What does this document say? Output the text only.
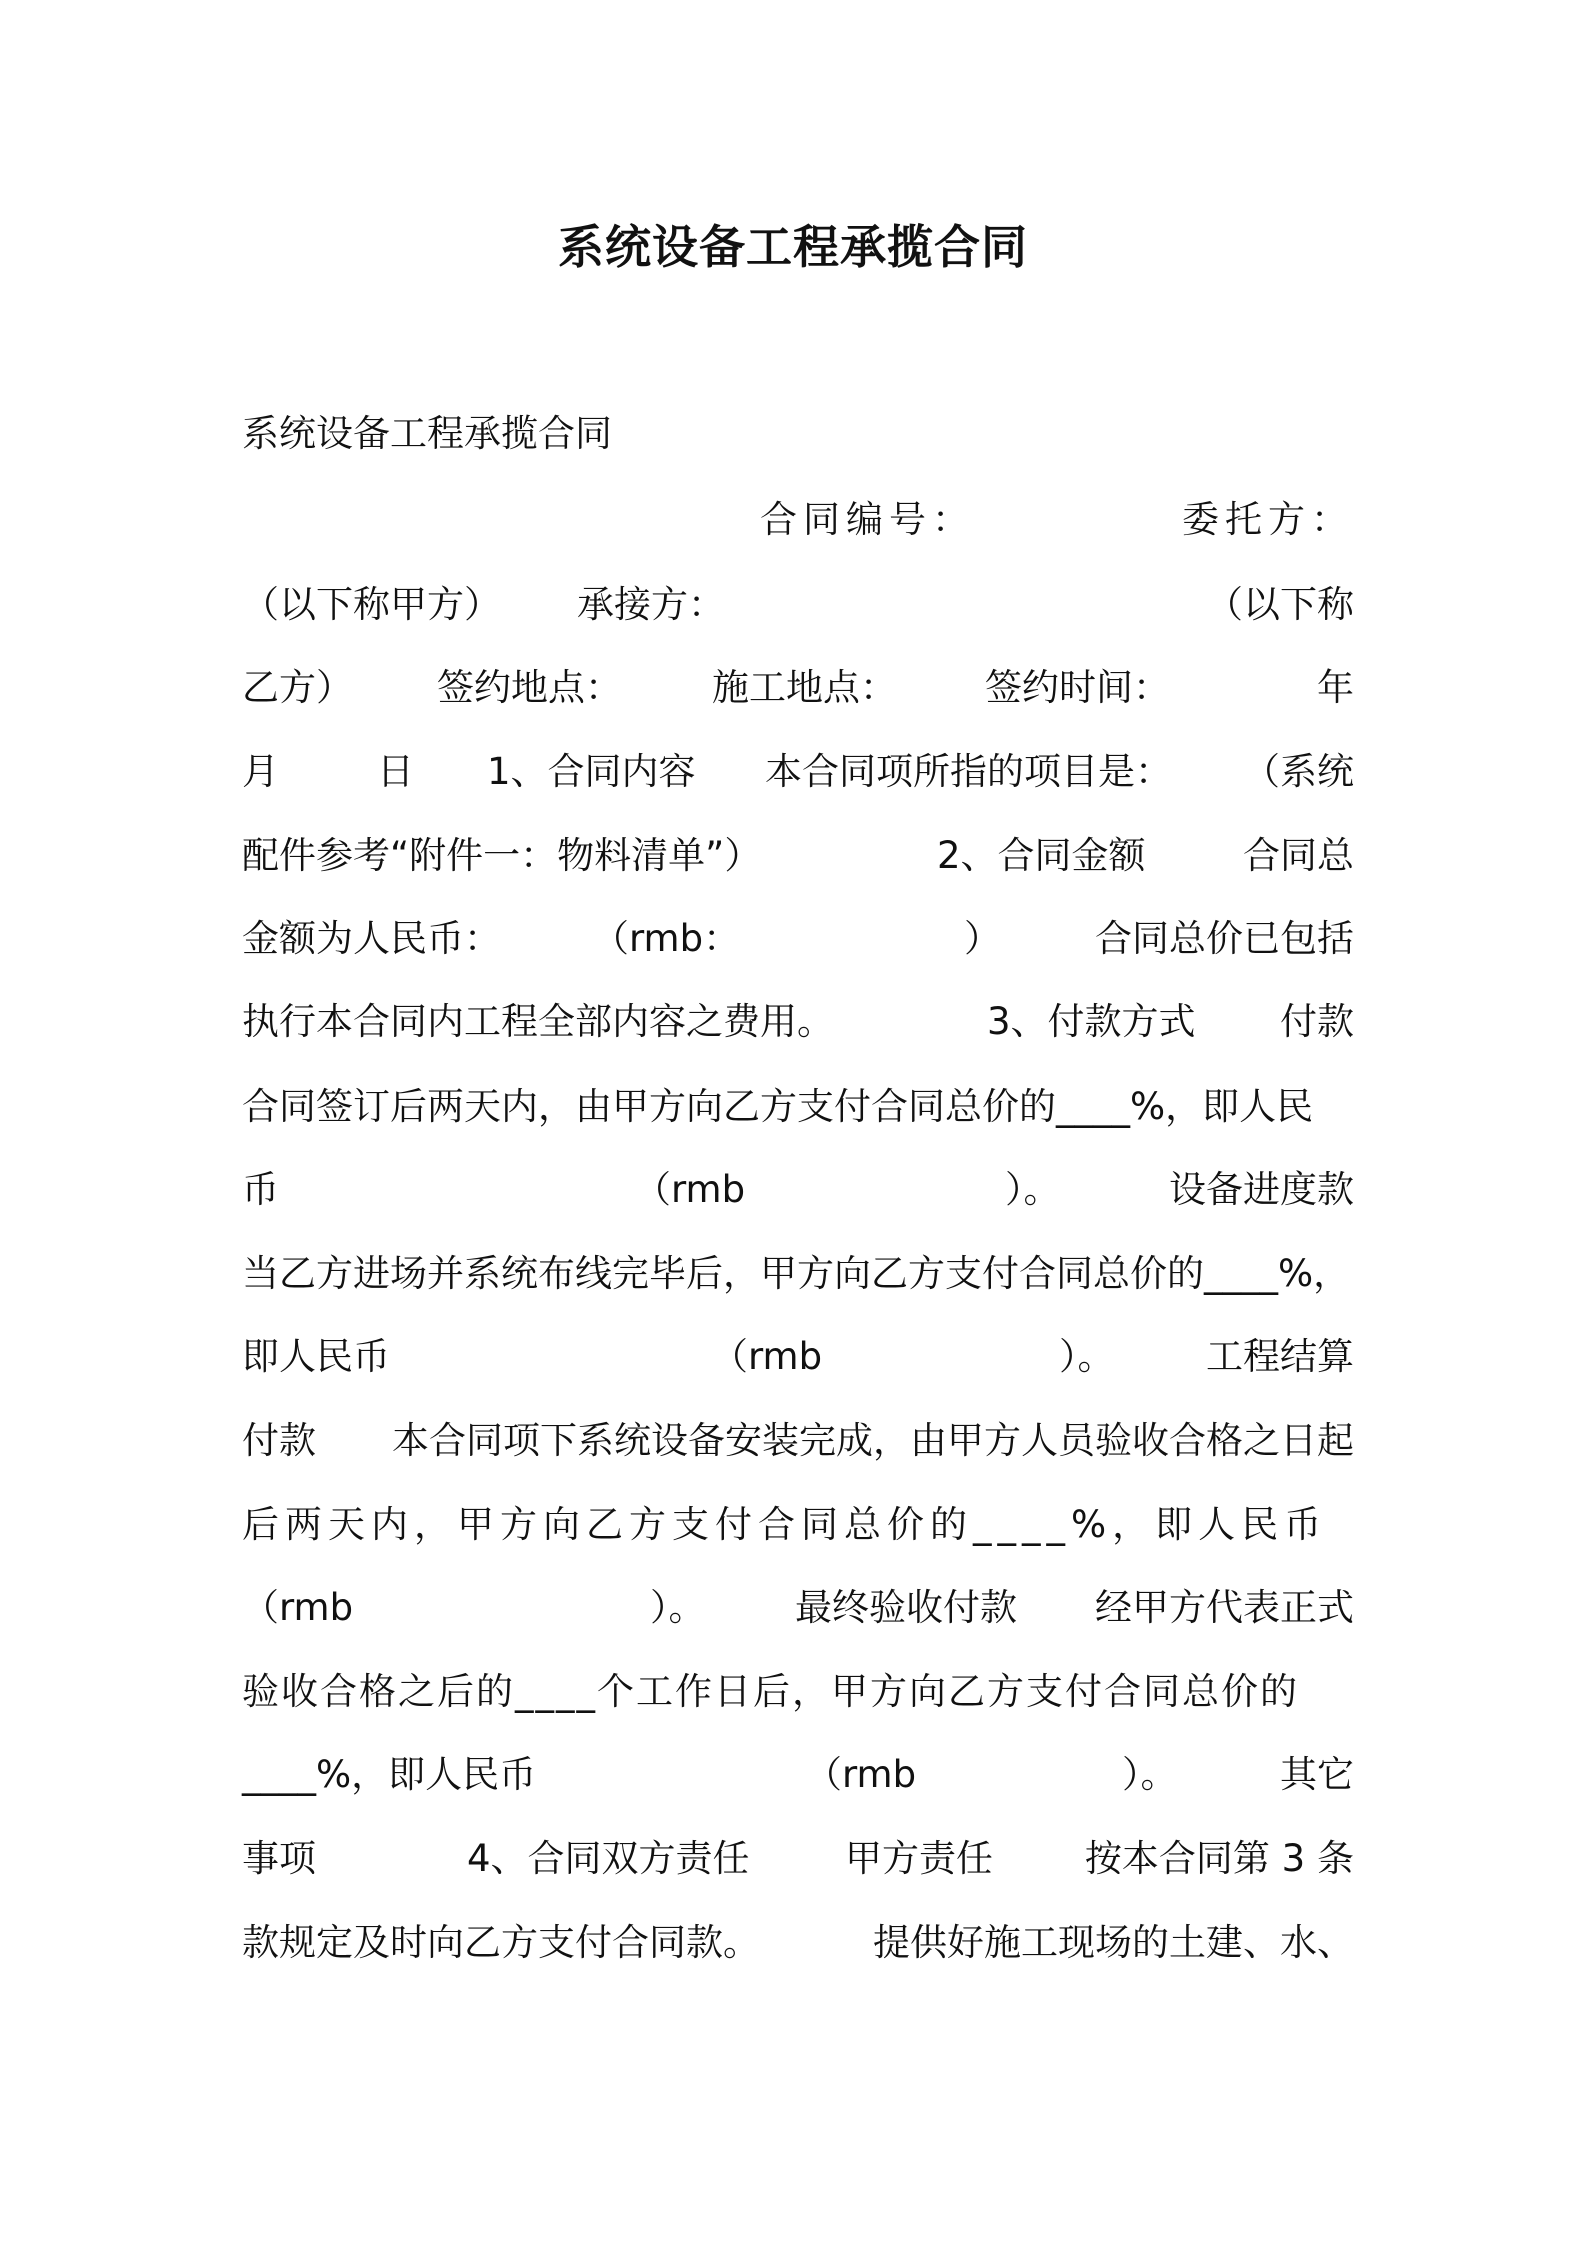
系统设备工程承揽合同
系统设备工程承揽合同
合同编号：	委托方：
（以下称甲方） 承接方：	（以下称
乙方） 签约地点： 施工地点： 签约时间：	年
月	日 1、合同内容 本合同项所指的项目是： （系统
配件参考“附件一：物料清单”）	2、合同金额	合同总
金额为人民币： （rmb：	）	合同总价已包括
执行本合同内工程全部内容之费用。	3、付款方式 付款
合同签订后两天内，由甲方向乙方支付合同总价的____%，即人民
币	（rmb	）。	设备进度款
当乙方进场并系统布线完毕后，甲方向乙方支付合同总价的____%，
即人民币	（rmb	）。 工程结算
付款 本合同项下系统设备安装完成，由甲方人员验收合格之日起
后两天内，甲方向乙方支付合同总价的____%，即人民币
（rmb	）。 最终验收付款 经甲方代表正式
验收合格之后的____个工作日后，甲方向乙方支付合同总价的
____%，即人民币	（rmb	）。	其它
事项	4、合同双方责任	甲方责任 按本合同第 3 条
款规定及时向乙方支付合同款。	提供好施工现场的土建、水、
